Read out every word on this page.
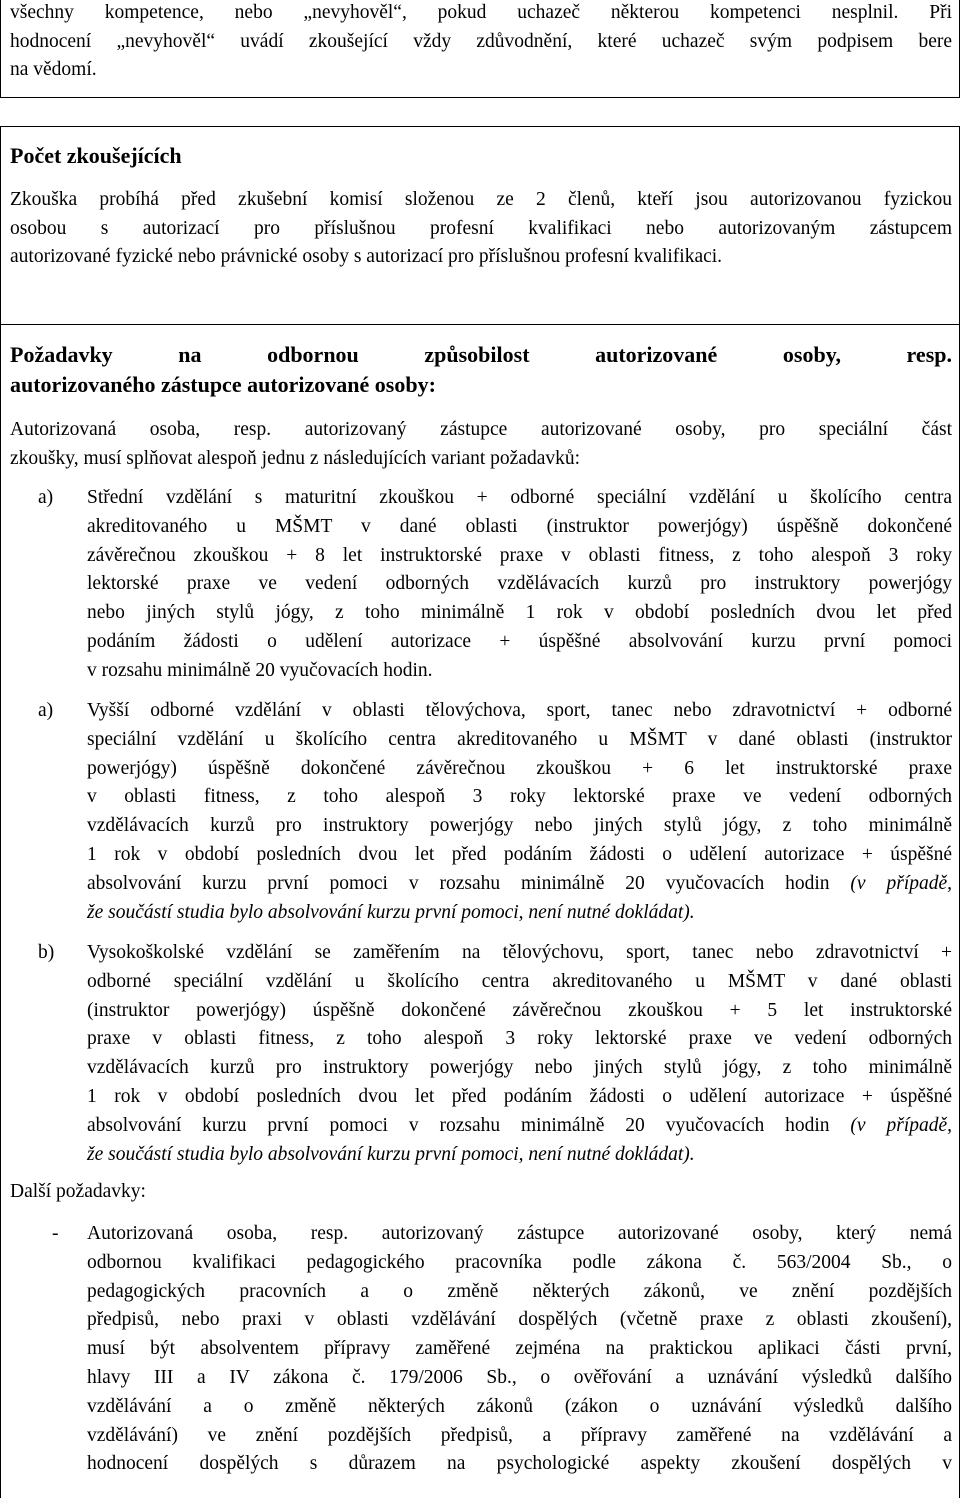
všechny kompetence, nebo „nevyhověl“, pokud uchazeč některou kompetenci nesplnil. Při
hodnocení „nevyhověl“ uvádí zkoušející vždy zdůvodnění, které uchazeč svým podpisem bere
na vědomí.

Počet zkoušejících

Zkouška probíhá před zkušební komisí složenou ze 2 členů, kteří jsou autorizovanou fyzickou
osobou s autorizací pro příslušnou profesní kvalifikaci nebo autorizovaným zástupcem
autorizované fyzické nebo právnické osoby s autorizací pro příslušnou profesní kvalifikaci.

Požadavky na odbornou způsobilost autorizované osoby, resp.
autorizovaného zástupce autorizované osoby:

Autorizovaná osoba, resp. autorizovaný zástupce autorizované osoby, pro speciální část
zkoušky, musí splňovat alespoň jednu z následujících variant požadavků:

a) Střední vzdělání s maturitní zkouškou + odborné speciální vzdělání u školícího centra
akreditovaného u MŠMT v dané oblasti (instruktor powerjógy) úspěšně dokončené
závěrečnou zkouškou + 8 let instruktorské praxe v oblasti fitness, z toho alespoň 3 roky
lektorské praxe ve vedení odborných vzdělávacích kurzů pro instruktory powerjógy
nebo jiných stylů jógy, z toho minimálně 1 rok v období posledních dvou let před
podáním žádosti o udělení autorizace + úspěšné absolvování kurzu první pomoci
v rozsahu minimálně 20 vyučovacích hodin.
a) Vyšší odborné vzdělání v oblasti tělovýchova, sport, tanec nebo zdravotnictví + odborné
speciální vzdělání u školícího centra akreditovaného u MŠMT v dané oblasti (instruktor
powerjógy) úspěšně dokončené závěrečnou zkouškou + 6 let instruktorské praxe
v oblasti fitness, z toho alespoň 3 roky lektorské praxe ve vedení odborných
vzdělávacích kurzů pro instruktory powerjógy nebo jiných stylů jógy, z toho minimálně
1 rok v období posledních dvou let před podáním žádosti o udělení autorizace + úspěšné
absolvování kurzu první pomoci v rozsahu minimálně 20 vyučovacích hodin (v případě,
že součástí studia bylo absolvování kurzu první pomoci, není nutné dokládat).
b) Vysokoškolské vzdělání se zaměřením na tělovýchovu, sport, tanec nebo zdravotnictví +
odborné speciální vzdělání u školícího centra akreditovaného u MŠMT v dané oblasti
(instruktor powerjógy) úspěšně dokončené závěrečnou zkouškou + 5 let instruktorské
praxe v oblasti fitness, z toho alespoň 3 roky lektorské praxe ve vedení odborných
vzdělávacích kurzů pro instruktory powerjógy nebo jiných stylů jógy, z toho minimálně
1 rok v období posledních dvou let před podáním žádosti o udělení autorizace + úspěšné
absolvování kurzu první pomoci v rozsahu minimálně 20 vyučovacích hodin (v případě,
že součástí studia bylo absolvování kurzu první pomoci, není nutné dokládat).
Další požadavky:
- Autorizovaná osoba, resp. autorizovaný zástupce autorizované osoby, který nemá
odbornou kvalifikaci pedagogického pracovníka podle zákona č. 563/2004 Sb., o
pedagogických pracovních a o změně některých zákonů, ve znění pozdějších
předpisů, nebo praxi v oblasti vzdělávání dospělých (včetně praxe z oblasti zkoušení),
musí být absolventem přípravy zaměřené zejména na praktickou aplikaci části první,
hlavy III a IV zákona č. 179/2006 Sb., o ověřování a uznávání výsledků dalšího
vzdělávání a o změně některých zákonů (zákon o uznávání výsledků dalšího
vzdělávání) ve znění pozdějších předpisů, a přípravy zaměřené na vzdělávání a
hodnocení dospělých s důrazem na psychologické aspekty zkoušení dospělých v
